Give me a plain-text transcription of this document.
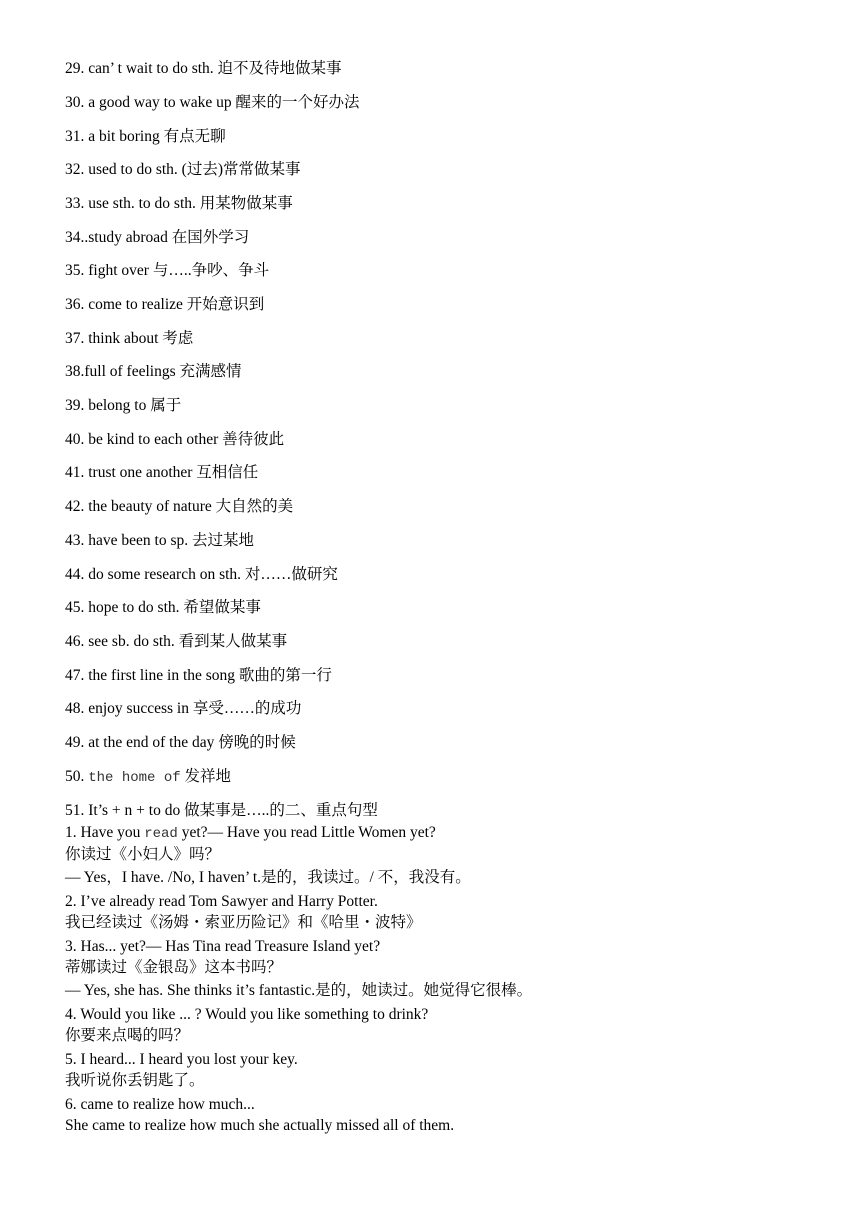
29. can’ t wait to do sth. 迫不及待地做某事
30. a good way to wake up 醒来的一个好办法
31. a bit boring 有点无聊
32. used to do sth. (过去)常常做某事
33. use sth. to do sth. 用某物做某事
34..study abroad 在国外学习
35. fight over 与…..争吵、争斗
36. come to realize 开始意识到
37. think about 考虑
38.full of feelings 充满感情
39. belong to 属于
40. be kind to each other 善待彼此
41. trust one another 互相信任
42. the beauty of nature 大自然的美
43. have been to sp. 去过某地
44. do some research on sth. 对……做研究
45. hope to do sth. 希望做某事
46. see sb. do sth. 看到某人做某事
47. the first line in the song 歌曲的第一行
48. enjoy success in 享受……的成功
49. at the end of the day 傍晚的时候
50. the home of 发祥地
51. It’s + n + to do 做某事是…..的二、重点句型
1. Have you read yet?— Have you read Little Women yet?
你读过《小妇人》吗？
— Yes，I have. /No, I haven’ t.是的，我读过。/ 不，我没有。
2. I’ve already read Tom Sawyer and Harry Potter.
我已经读过《汤姆・索亚历险记》和《哈里・波特》
3. Has... yet?— Has Tina read Treasure Island yet?
蒂娜读过《金银岛》这本书吗？
— Yes, she has. She thinks it’s fantastic.是的，她读过。她觉得它很棒。
4. Would you like ... ? Would you like something to drink?
你要来点喝的吗？
5. I heard... I heard you lost your key.
我听说你丢钥匙了。
6. came to realize how much...
She came to realize how much she actually missed all of them.
